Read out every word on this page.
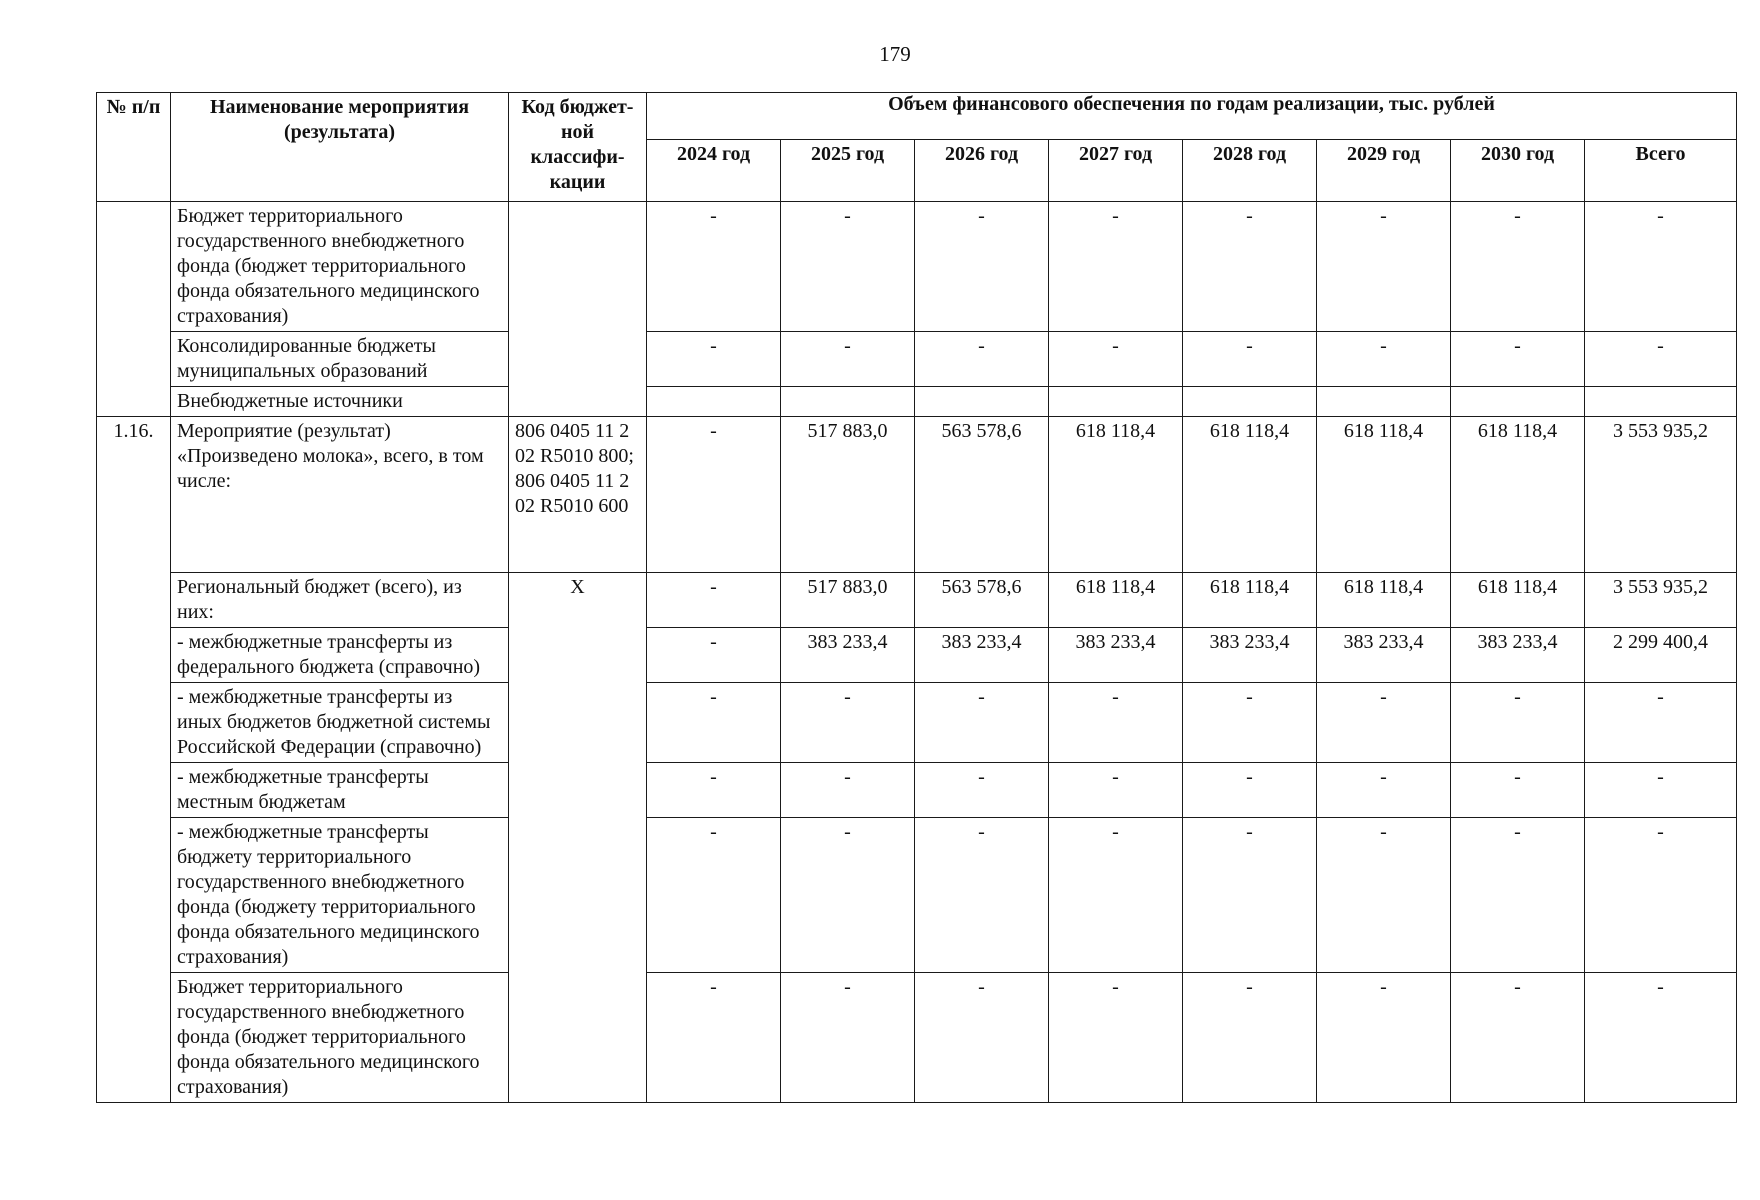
179
№ п/п	Наименование мероприятия (результата)	Код бюджет-ной классифи-кации	Объем финансового обеспечения по годам реализации, тыс. рублей							
			2024 год	2025 год	2026 год	2027 год	2028 год	2029 год	2030 год	Всего
	Бюджет территориального государственного внебюджетного фонда (бюджет территориального фонда обязательного медицинского страхования)		-	-	-	-	-	-	-	-
	Консолидированные бюджеты муниципальных образований		-	-	-	-	-	-	-	-
	Внебюджетные источники									
1.16.	Мероприятие (результат) «Произведено молока», всего, в том числе:	806 0405 11 2 02 R5010 800; 806 0405 11 2 02 R5010 600	-	517 883,0	563 578,6	618 118,4	618 118,4	618 118,4	618 118,4	3 553 935,2
	Региональный бюджет (всего), из них:	X	-	517 883,0	563 578,6	618 118,4	618 118,4	618 118,4	618 118,4	3 553 935,2
	- межбюджетные трансферты из федерального бюджета (справочно)		-	383 233,4	383 233,4	383 233,4	383 233,4	383 233,4	383 233,4	2 299 400,4
	- межбюджетные трансферты из иных бюджетов бюджетной системы Российской Федерации (справочно)		-	-	-	-	-	-	-	-
	- межбюджетные трансферты местным бюджетам		-	-	-	-	-	-	-	-
	- межбюджетные трансферты бюджету территориального государственного внебюджетного фонда (бюджету территориального фонда обязательного медицинского страхования)		-	-	-	-	-	-	-	-
	Бюджет территориального государственного внебюджетного фонда (бюджет территориального фонда обязательного медицинского страхования)		-	-	-	-	-	-	-	-
